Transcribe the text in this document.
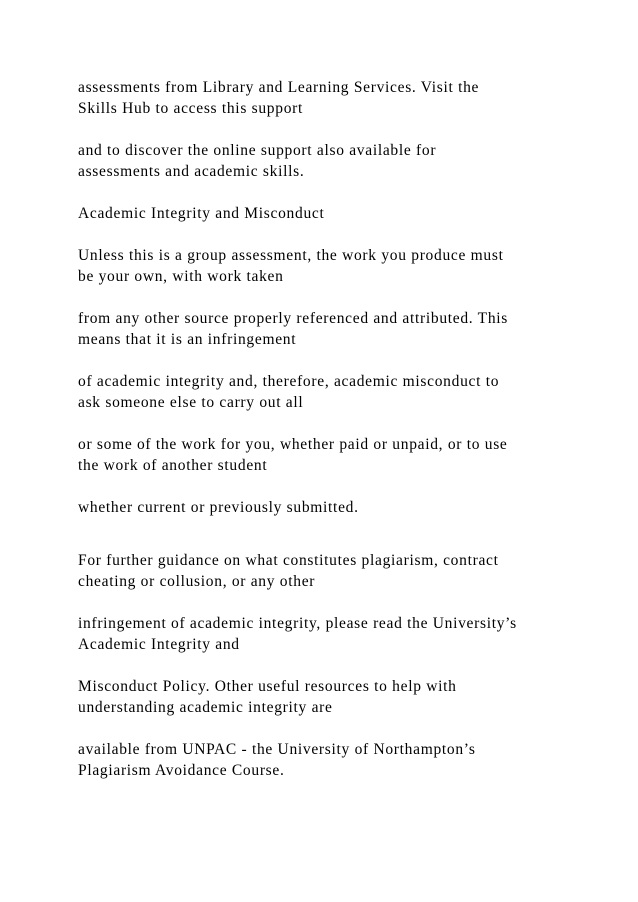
assessments from Library and Learning Services. Visit the
Skills Hub to access this support

and to discover the online support also available for
assessments and academic skills.

Academic Integrity and Misconduct

Unless this is a group assessment, the work you produce must
be your own, with work taken

from any other source properly referenced and attributed. This
means that it is an infringement

of academic integrity and, therefore, academic misconduct to
ask someone else to carry out all

or some of the work for you, whether paid or unpaid, or to use
the work of another student

whether current or previously submitted.

For further guidance on what constitutes plagiarism, contract
cheating or collusion, or any other

infringement of academic integrity, please read the University’s
Academic Integrity and

Misconduct Policy. Other useful resources to help with
understanding academic integrity are

available from UNPAC - the University of Northampton’s
Plagiarism Avoidance Course.
